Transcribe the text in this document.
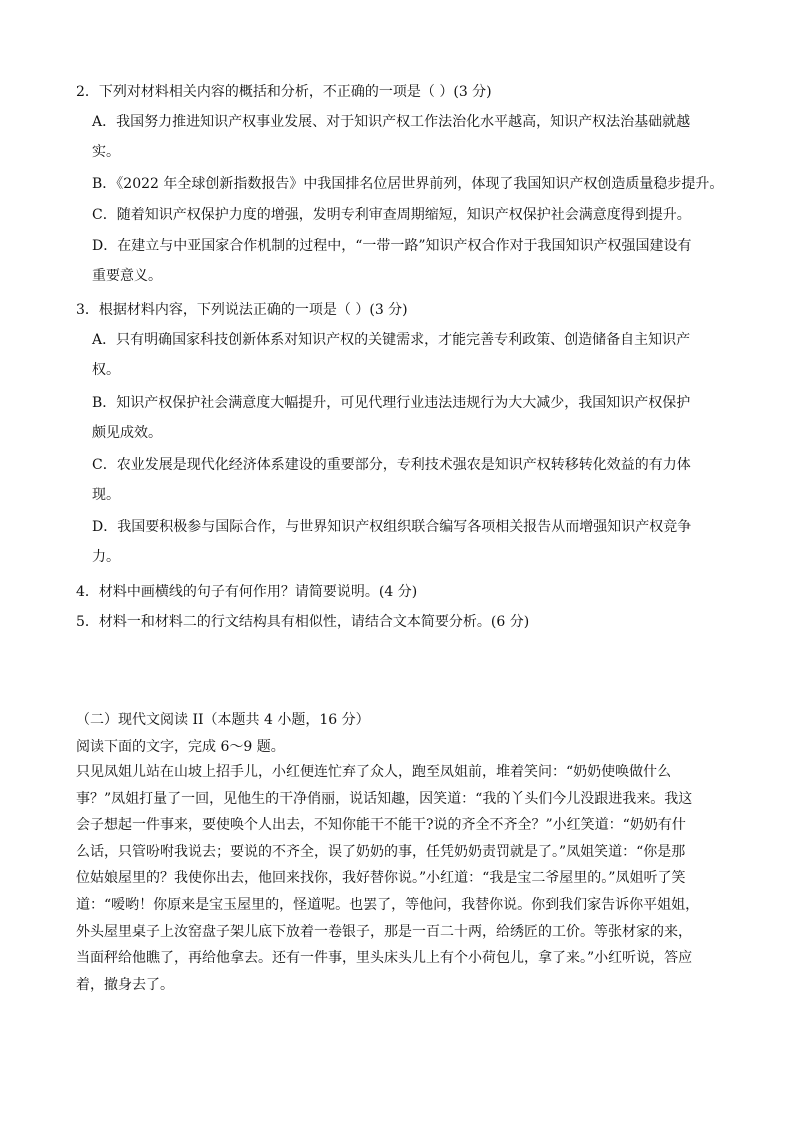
2．下列对材料相关内容的概括和分析，不正确的一项是（ ）(3 分)
A．我国努力推进知识产权事业发展、对于知识产权工作法治化水平越高，知识产权法治基础就越
实。
B．《2022 年全球创新指数报告》中我国排名位居世界前列，体现了我国知识产权创造质量稳步提升。
C．随着知识产权保护力度的增强，发明专利审查周期缩短，知识产权保护社会满意度得到提升。
D．在建立与中亚国家合作机制的过程中，“一带一路”知识产权合作对于我国知识产权强国建设有
重要意义。
3．根据材料内容，下列说法正确的一项是（ ）(3 分)
A．只有明确国家科技创新体系对知识产权的关键需求，才能完善专利政策、创造储备自主知识产
权。
B．知识产权保护社会满意度大幅提升，可见代理行业违法违规行为大大减少，我国知识产权保护
颇见成效。
C．农业发展是现代化经济体系建设的重要部分，专利技术强农是知识产权转移转化效益的有力体
现。
D．我国要积极参与国际合作，与世界知识产权组织联合编写各项相关报告从而增强知识产权竞争
力。
4．材料中画横线的句子有何作用？请简要说明。(4 分)
5．材料一和材料二的行文结构具有相似性，请结合文本简要分析。(6 分)
（二）现代文阅读 II（本题共 4 小题，16 分）
阅读下面的文字，完成 6～9 题。
只见凤姐儿站在山坡上招手儿，小红便连忙弃了众人，跑至凤姐前，堆着笑问：“奶奶使唤做什么
事？”凤姐打量了一回，见他生的干净俏丽，说话知趣，因笑道：“我的丫头们今儿没跟进我来。我这
会子想起一件事来，要使唤个人出去，不知你能干不能干?说的齐全不齐全？”小红笑道：“奶奶有什
么话，只管吩咐我说去；要说的不齐全，误了奶奶的事，任凭奶奶责罚就是了。”凤姐笑道：“你是那
位姑娘屋里的？我使你出去，他回来找你，我好替你说。”小红道：“我是宝二爷屋里的。”凤姐听了笑
道：“嗳哟！你原来是宝玉屋里的，怪道呢。也罢了，等他问，我替你说。你到我们家告诉你平姐姐，
外头屋里桌子上汝窑盘子架儿底下放着一卷银子，那是一百二十两，给绣匠的工价。等张材家的来，
当面秤给他瞧了，再给他拿去。还有一件事，里头床头儿上有个小荷包儿，拿了来。”小红听说，答应
着，撤身去了。
